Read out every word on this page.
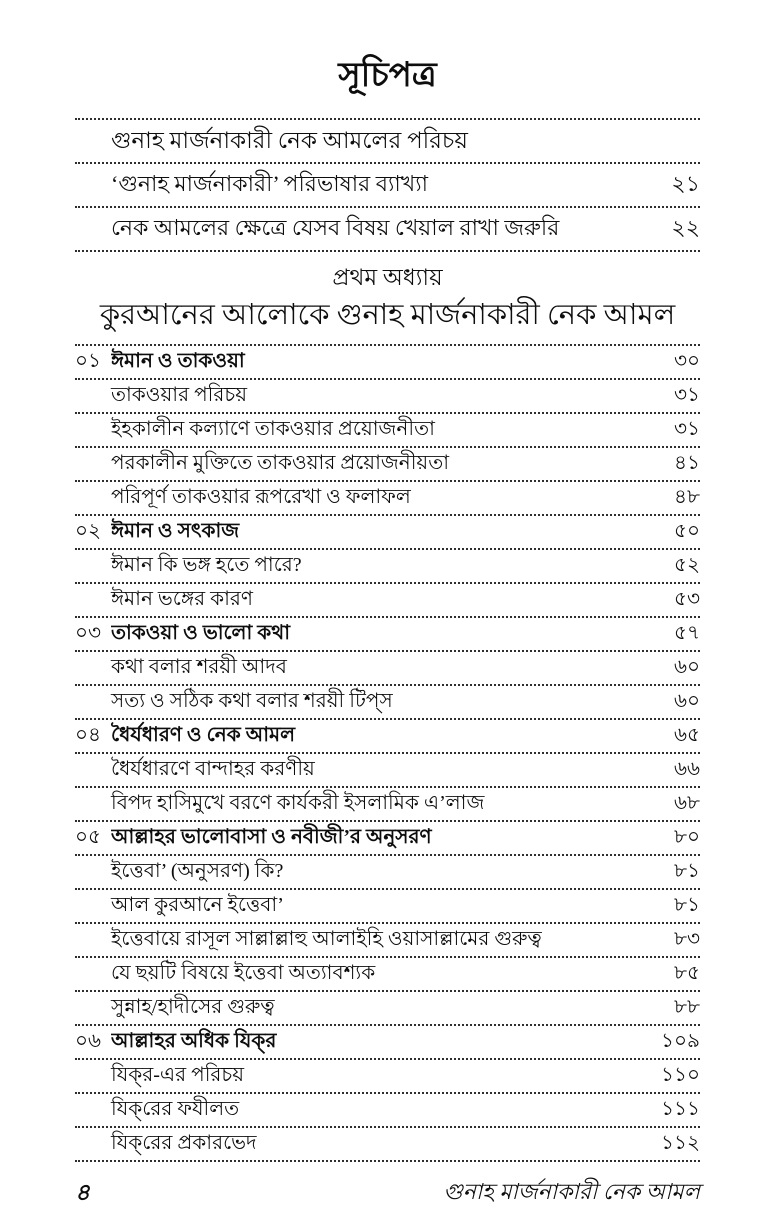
সূচিপত্র
গুনাহ মার্জনাকারী নেক আমলের পরিচয়
‘গুনাহ মার্জনাকারী’ পরিভাষার ব্যাখ্যা	২১
নেক আমলের ক্ষেত্রে যেসব বিষয় খেয়াল রাখা জরুরি	২২
প্রথম অধ্যায়
কুরআনের আলোকে গুনাহ মার্জনাকারী নেক আমল
০১ ঈমান ও তাকওয়া	৩০
তাকওয়ার পরিচয়	৩১
ইহকালীন কল্যাণে তাকওয়ার প্রয়োজনীতা	৩১
পরকালীন মুক্তিতে তাকওয়ার প্রয়োজনীয়তা	৪১
পরিপূর্ণ তাকওয়ার রূপরেখা ও ফলাফল	৪৮
০২ ঈমান ও সৎকাজ	৫০
ঈমান কি ভঙ্গ হতে পারে?	৫২
ঈমান ভঙ্গের কারণ	৫৩
০৩ তাকওয়া ও ভালো কথা	৫৭
কথা বলার শরয়ী আদব	৬০
সত্য ও সঠিক কথা বলার শরয়ী টিপ্‌স	৬০
০৪ ধৈর্যধারণ ও নেক আমল	৬৫
ধৈর্যধারণে বান্দাহর করণীয়	৬৬
বিপদ হাসিমুখে বরণে কার্যকরী ইসলামিক এ’লাজ	৬৮
০৫ আল্লাহর ভালোবাসা ও নবীজী’র অনুসরণ	৮০
ইত্তেবা’ (অনুসরণ) কি?	৮১
আল কুরআনে ইত্তেবা’	৮১
ইত্তেবায়ে রাসূল সাল্লাল্লাহু আলাইহি ওয়াসাল্লামের গুরুত্ব	৮৩
যে ছয়টি বিষয়ে ইত্তেবা অত্যাবশ্যক	৮৫
সুন্নাহ/হাদীসের গুরুত্ব	৮৮
০৬ আল্লাহর অধিক যিক্‌র	১০৯
যিক্‌র-এর পরিচয়	১১০
যিক্‌রের ফযীলত	১১১
যিক্‌রের প্রকারভেদ	১১২
৪	গুনাহ মার্জনাকারী নেক আমল
